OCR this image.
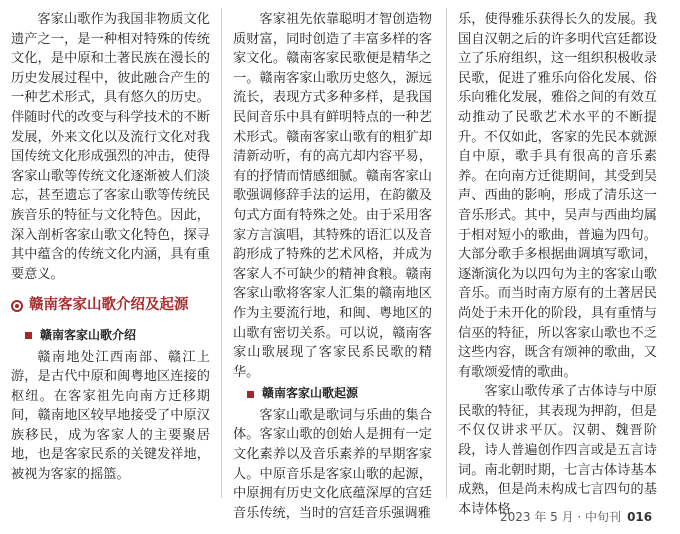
客家山歌作为我国非物质文化遗产之一，是一种相对特殊的传统文化，是中原和土著民族在漫长的历史发展过程中，彼此融合产生的一种艺术形式，具有悠久的历史。伴随时代的改变与科学技术的不断发展，外来文化以及流行文化对我国传统文化形成强烈的冲击，使得客家山歌等传统文化逐渐被人们淡忘，甚至遗忘了客家山歌等传统民族音乐的特征与文化特色。因此，深入剖析客家山歌文化特色，探寻其中蕴含的传统文化内涵，具有重要意义。

赣南客家山歌介绍及起源
赣南客家山歌介绍

赣南地处江西南部、赣江上游，是古代中原和闽粤地区连接的枢纽。在客家祖先向南方迁移期间，赣南地区较早地接受了中原汉族移民，成为客家人的主要聚居地，也是客家民系的关键发祥地，被视为客家的摇篮。

客家祖先依靠聪明才智创造物质财富，同时创造了丰富多样的客家文化。赣南客家民歌便是精华之一。赣南客家山歌历史悠久，源远流长，表现方式多种多样，是我国民间音乐中具有鲜明特点的一种艺术形式。赣南客家山歌有的粗犷却清新动听，有的高亢却内容平易，有的抒情而情感细腻。赣南客家山歌强调修辞手法的运用，在韵徽及句式方面有特殊之处。由于采用客家方言演唱，其特殊的语汇以及音韵形成了特殊的艺术风格，并成为客家人不可缺少的精神食粮。赣南客家山歌将客家人汇集的赣南地区作为主要流行地，和闽、粤地区的山歌有密切关系。可以说，赣南客家山歌展现了客家民系民歌的精华。

赣南客家山歌起源

客家山歌是歌词与乐曲的集合体。客家山歌的创始人是拥有一定文化素养以及音乐素养的早期客家人。中原音乐是客家山歌的起源，中原拥有历史文化底蕴深厚的宫廷音乐传统，当时的宫廷音乐强调雅

乐，使得雅乐获得长久的发展。我国自汉朝之后的许多明代宫廷都设立了乐府组织，这一组织积极收录民歌，促进了雅乐向俗化发展、俗乐向雅化发展，雅俗之间的有效互动推动了民歌艺术水平的不断提升。不仅如此，客家的先民本就源自中原，歌手具有很高的音乐素养。在向南方迁徙期间，其受到吴声、西曲的影响，形成了清乐这一音乐形式。其中，吴声与西曲均属于相对短小的歌曲，普遍为四句。大部分歌手多根据曲调填写歌词，逐渐演化为以四句为主的客家山歌音乐。而当时南方原有的土著居民尚处于未开化的阶段，具有重情与信巫的特征，所以客家山歌也不乏这些内容，既含有颂神的歌曲，又有歌颂爱情的歌曲。

客家山歌传承了古体诗与中原民歌的特征，其表现为押韵，但是不仅仅讲求平仄。汉朝、魏晋阶段，诗人普遍创作四言或是五言诗词。南北朝时期，七言古体诗基本成熟，但是尚未构成七言四句的基本诗体格

2023 年 5 月 · 中旬刊 016
